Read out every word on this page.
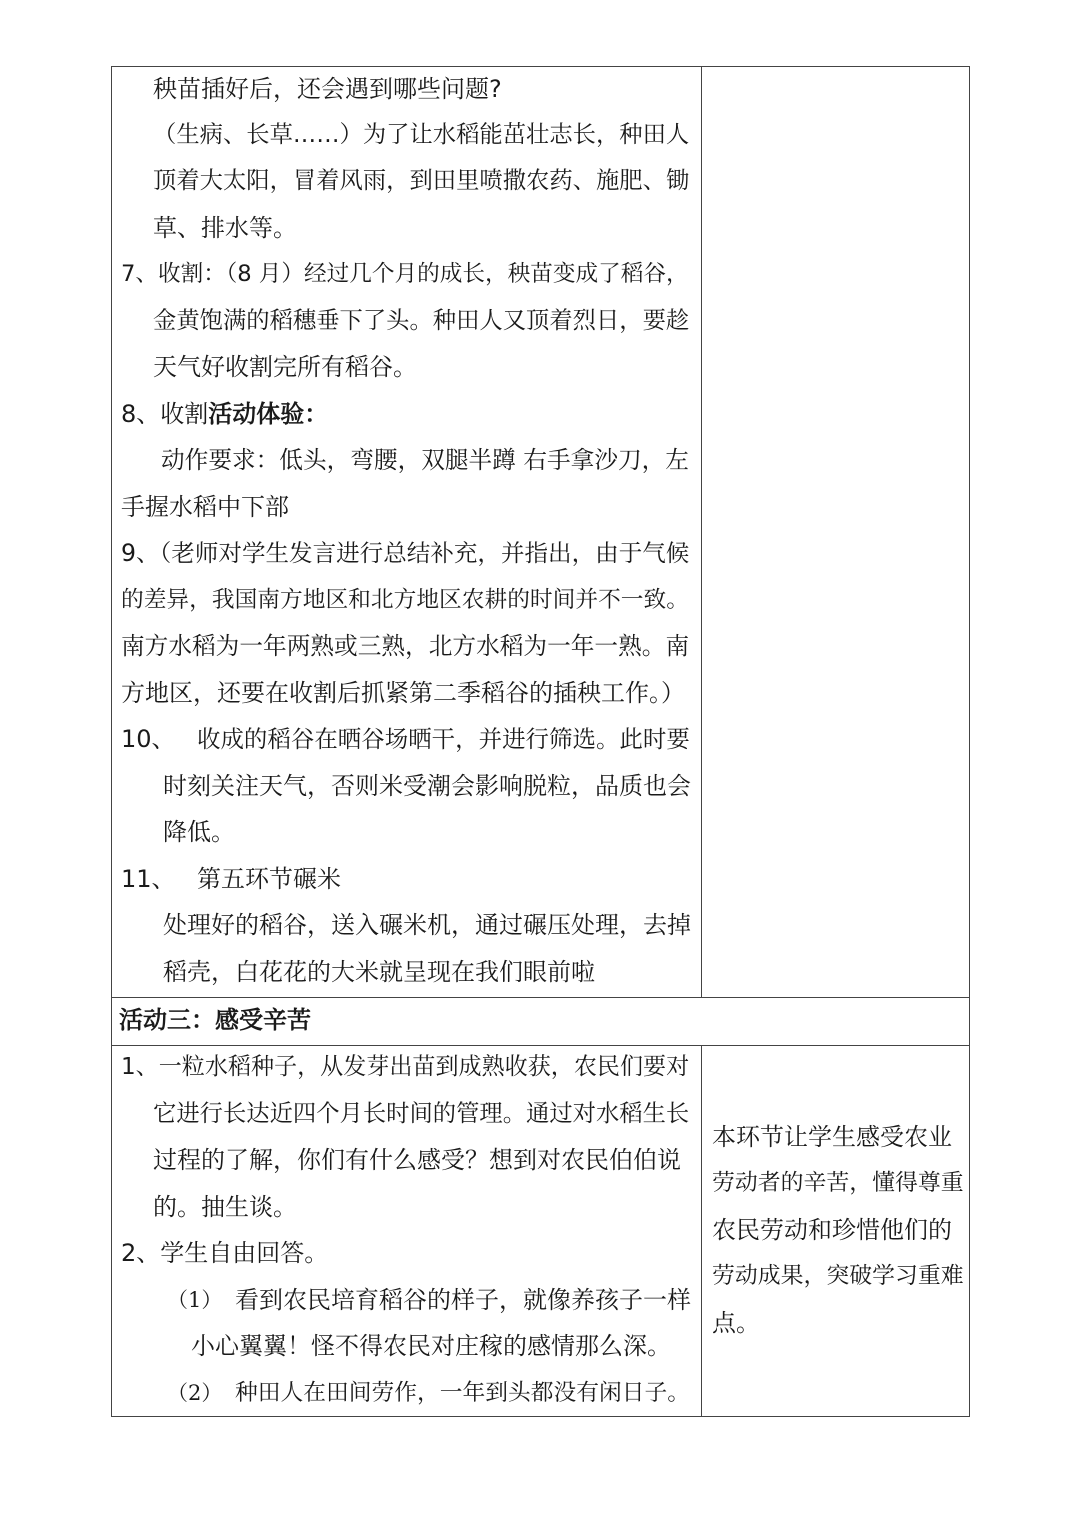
秧苗插好后，还会遇到哪些问题?
（生病、长草……）为了让水稻能茁壮志长，种田人
顶着大太阳，冒着风雨，到田里喷撒农药、施肥、锄
草、排水等。
7、收割：（8 月）经过几个月的成长，秧苗变成了稻谷，
金黄饱满的稻穗垂下了头。种田人又顶着烈日，要趁
天气好收割完所有稻谷。
8、收割活动体验：
动作要求：低头，弯腰，双腿半蹲 右手拿沙刀，左
手握水稻中下部
9、（老师对学生发言进行总结补充，并指出，由于气候
的差异，我国南方地区和北方地区农耕的时间并不一致。
南方水稻为一年两熟或三熟，北方水稻为一年一熟。南
方地区，还要在收割后抓紧第二季稻谷的插秧工作。）
10、 收成的稻谷在晒谷场晒干，并进行筛选。此时要
时刻关注天气，否则米受潮会影响脱粒，品质也会
降低。
11、 第五环节碾米
处理好的稻谷，送入碾米机，通过碾压处理，去掉
稻壳，白花花的大米就呈现在我们眼前啦
活动三：感受辛苦
1、一粒水稻种子，从发芽出苗到成熟收获，农民们要对
它进行长达近四个月长时间的管理。通过对水稻生长
过程的了解，你们有什么感受？想到对农民伯伯说
的。抽生谈。
2、学生自由回答。
（1） 看到农民培育稻谷的样子，就像养孩子一样
小心翼翼！怪不得农民对庄稼的感情那么深。
（2） 种田人在田间劳作，一年到头都没有闲日子。
本环节让学生感受农业
劳动者的辛苦，懂得尊重
农民劳动和珍惜他们的
劳动成果，突破学习重难
点。
